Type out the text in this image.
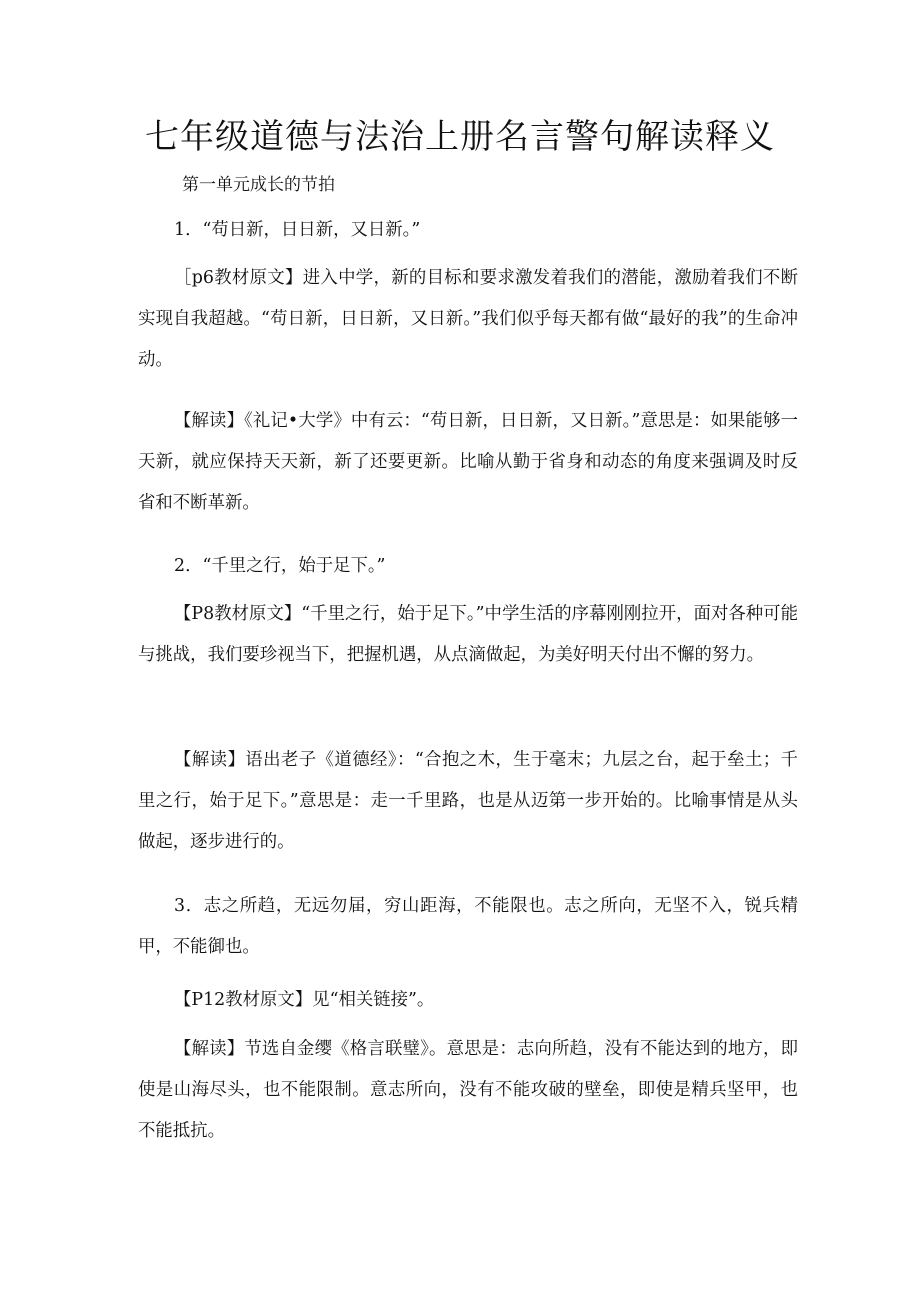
七年级道德与法治上册名言警句解读释义

第一单元成长的节拍

1．“苟日新，日日新，又日新。”

［p6教材原文】进入中学，新的目标和要求激发着我们的潜能，激励着我们不断实现自我超越。“苟日新，日日新，又日新。”我们似乎每天都有做“最好的我”的生命冲动。

【解读】《礼记•大学》中有云：“苟日新，日日新，又日新。”意思是：如果能够一天新，就应保持天天新，新了还要更新。比喻从勤于省身和动态的角度来强调及时反省和不断革新。

2．“千里之行，始于足下。”

【P8教材原文】“千里之行，始于足下。”中学生活的序幕刚刚拉开，面对各种可能与挑战，我们要珍视当下，把握机遇，从点滴做起，为美好明天付出不懈的努力。

【解读】语出老子《道德经》：“合抱之木，生于毫末；九层之台，起于垒土；千里之行，始于足下。”意思是：走一千里路，也是从迈第一步开始的。比喻事情是从头做起，逐步进行的。

3．志之所趋，无远勿届，穷山距海，不能限也。志之所向，无坚不入，锐兵精甲，不能御也。

【P12教材原文】见“相关链接”。

【解读】节选自金缨《格言联璧》。意思是：志向所趋，没有不能达到的地方，即使是山海尽头，也不能限制。意志所向，没有不能攻破的壁垒，即使是精兵坚甲，也不能抵抗。
